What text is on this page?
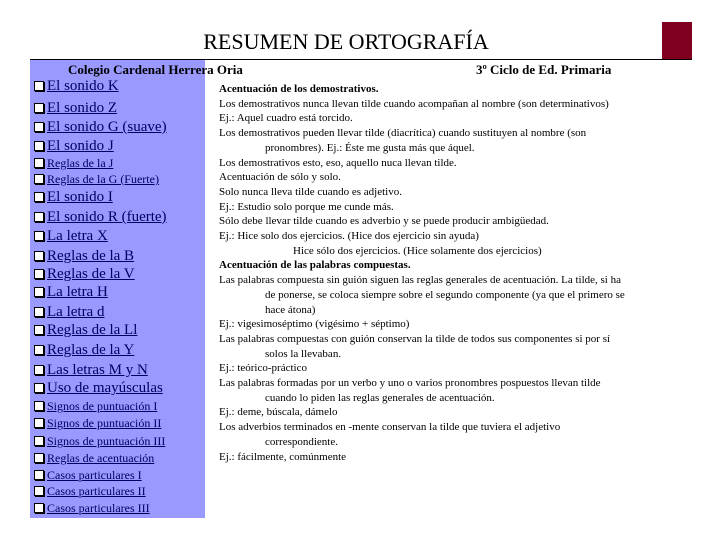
RESUMEN DE ORTOGRAFÍA
Colegio Cardenal Herrera Oria	3º Ciclo de Ed. Primaria
El sonido K
El sonido Z
El sonido G (suave)
El sonido J
Reglas de la J
Reglas de la G (Fuerte)
El sonido I
El sonido R (fuerte)
La letra X
Reglas de la B
Reglas de la V
La letra H
La letra d
Reglas de la Ll
Reglas de la Y
Las letras M y N
Uso de mayúsculas
Signos de puntuación I
Signos de puntuación II
Signos de puntuación III
Reglas de acentuación
Casos particulares I
Casos particulares II
Casos particulares III
Acentuación de los demostrativos.
Los demostrativos nunca llevan tilde cuando acompañan al nombre (son determinativos)
Ej.: Aquel cuadro está torcido.
Los demostrativos pueden llevar tilde (diacrítica) cuando sustituyen al nombre (son
pronombres). Ej.: Éste me gusta más que áquel.
Los demostrativos esto, eso, aquello nuca llevan tilde.
Acentuación de sólo y solo.
Solo nunca lleva tilde cuando es adjetivo.
Ej.: Estudio solo porque me cunde más.
Sólo debe llevar tilde cuando es adverbio y se puede producir ambigüedad.
Ej.: Hice solo dos ejercicios. (Hice dos ejercicio sin ayuda)
Hice sólo dos ejercicios. (Hice solamente dos ejercicios)
Acentuación de las palabras compuestas.
Las palabras compuesta sin guión siguen las reglas generales de acentuación. La tilde, si ha
de ponerse, se coloca siempre sobre el segundo componente (ya que el primero se
hace átona)
Ej.: vigesimoséptimo (vigésimo + séptimo)
Las palabras compuestas con guión conservan la tilde de todos sus componentes si por sí
solos la llevaban.
Ej.: teórico-práctico
Las palabras formadas por un verbo y uno o varios pronombres pospuestos llevan tilde
cuando lo piden las reglas generales de acentuación.
Ej.: deme, búscala, dámelo
Los adverbios terminados en -mente conservan la tilde que tuviera el adjetivo
correspondiente.
Ej.: fácilmente, comúnmente
